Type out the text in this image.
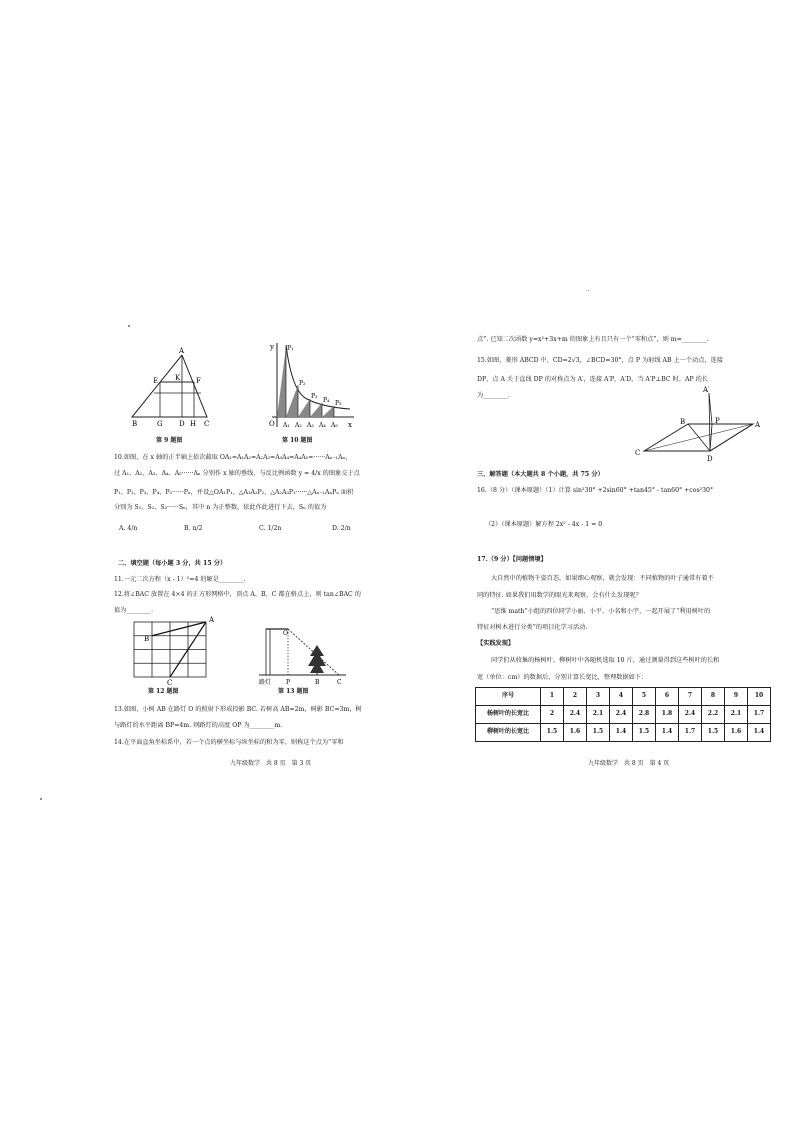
A
E K F
B	G D H C
第 9 题图
y P₁
P₂
P₃
P₄ P₅
O A₁ A₂ A₃ A₄ A₅ x
第 10 题图
10.如图，在 x 轴的正半轴上依次截取 OA₁=A₁A₂=A₂A₃=A₃A₄=A₄A₅=······Aₙ₋₁Aₙ，
过 A₁、A₂、A₃、A₄、A₅······Aₙ 分别作 x 轴的垂线，与反比例函数 y = 4/x 的图象交于点
P₁、P₂、P₃、P₄、P₅······Pₙ，并设△OA₁P₁、△A₁A₂P₂、△A₂A₃P₃······△Aₙ₋₁AₙPₙ 面积
分别为 S₁、S₂、S₃······Sₙ，其中 n 为正整数，依此作此进行下去，Sₙ 的值为
A. 4/n	B. n/2	C. 1/2n	D. 2/n
二、填空题（每小题 3 分，共 15 分）
11.一元二次方程（x - 1）²=4 的解是________.
12.将∠BAC 放置在 4×4 的正方形网格中，顶点 A、B、C 都在格点上，则 tan∠BAC 的
值为________.
A
B
C
第 12 题图
O
路灯 P	B	C
第 13 题图
13.如图，小树 AB 在路灯 O 的照射下形成投影 BC. 若树高 AB=2m，树影 BC=3m，树
与路灯的水平距离 BP=4m. 则路灯的高度 OP 为________m.
14.在平面直角坐标系中，若一个点的横坐标与纵坐标的和为零，则称这个点为“零和
九年级数学　共 8 页　第 3 页
点”. 已知二次函数 y=x²+3x+m 的图象上有且只有一个“零和点”，则 m=________.
15.如图，菱形 ABCD 中，CD=2√3，∠BCD=30°，点 P 为射线 AB 上一个动点，连接
DP，点 A 关于直线 DP 的对称点为 A′，连接 A′P，A′D，当 A′P⊥BC 时，AP 的长
为________.
A′
B	P	A
C
D
三、解答题（本大题共 8 个小题，共 75 分）
16.（8 分）（课本原题）（1）计算 sin²30° +2sin60° +tan45° - tan60° +cos²30°
（2）（课本原题）解方程 2x² - 4x - 1 = 0
17.（9 分）【问题情境】
大自然中的植物千姿百态，如果细心观察，就会发现：不同植物的叶子通常有着不
同的特征. 如果我们用数学的眼光来观察，会有什么发现呢？
“思维 math”小组的四位同学小丽、小平、小名和小宇，一起开展了“利用树叶的
特征对树木进行分类”的项目化学习活动.
【实践发现】
同学们从收集的杨树叶、柳树叶中各随机选取 10 片，通过测量得到这些树叶的长和
宽（单位：cm）的数据后，分别计算长宽比，整理数据如下：
序号	1	2	3	4	5	6	7	8	9	10
杨树叶的长宽比	2	2.4	2.1	2.4	2.8	1.8	2.4	2.2	2.1	1.7
柳树叶的长宽比	1.5	1.6	1.5	1.4	1.5	1.4	1.7	1.5	1.6	1.4
九年级数学　共 8 页　第 4 页
